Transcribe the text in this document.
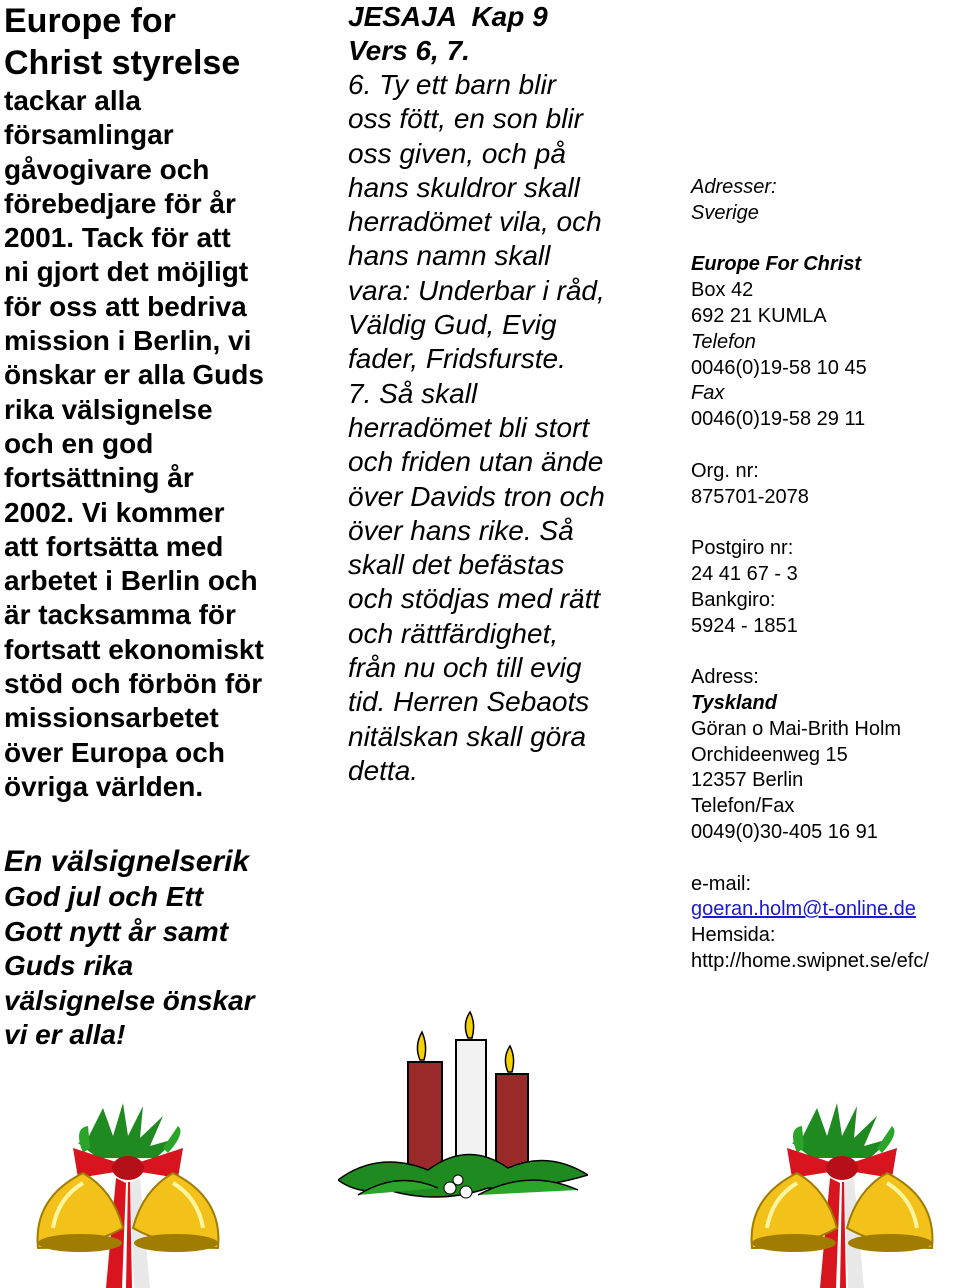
Europe for
Christ styrelse
tackar alla
församlingar
gåvogivare och
förebedjare för år
2001. Tack för att
ni gjort det möjligt
för oss att bedriva
mission i Berlin, vi
önskar er alla Guds
rika välsignelse
och en god
fortsättning år
2002. Vi kommer
att fortsätta med
arbetet i Berlin och
är tacksamma för
fortsatt ekonomiskt
stöd och förbön för
missionsarbetet
över Europa och
övriga världen.
En välsignelserik
God jul och Ett
Gott nytt år samt
Guds rika
välsignelse önskar
vi er alla!
JESAJA  Kap 9
Vers 6, 7.
6. Ty ett barn blir
oss fött, en son blir
oss given, och på
hans skuldror skall
herradömet vila, och
hans namn skall
vara: Underbar i råd,
Väldig Gud, Evig
fader, Fridsfurste.
7. Så skall
herradömet bli stort
och friden utan ände
över Davids tron och
över hans rike. Så
skall det befästas
och stödjas med rätt
och rättfärdighet,
från nu och till evig
tid. Herren Sebaots
nitälskan skall göra
detta.

Adresser:

Sverige

Europe For Christ

Box 42

692 21 KUMLA

Telefon

0046(0)19-58 10 45

Fax

0046(0)19-58 29 11

Org. nr:

875701-2078

Postgiro nr:

24 41 67 - 3

Bankgiro:

5924 - 1851

Adress:

Tyskland

Göran o Mai-Brith Holm

Orchideenweg 15

12357 Berlin

Telefon/Fax

0049(0)30-405 16 91

e-mail:

goeran.holm@t-online.de

Hemsida:

http://home.swipnet.se/efc/
